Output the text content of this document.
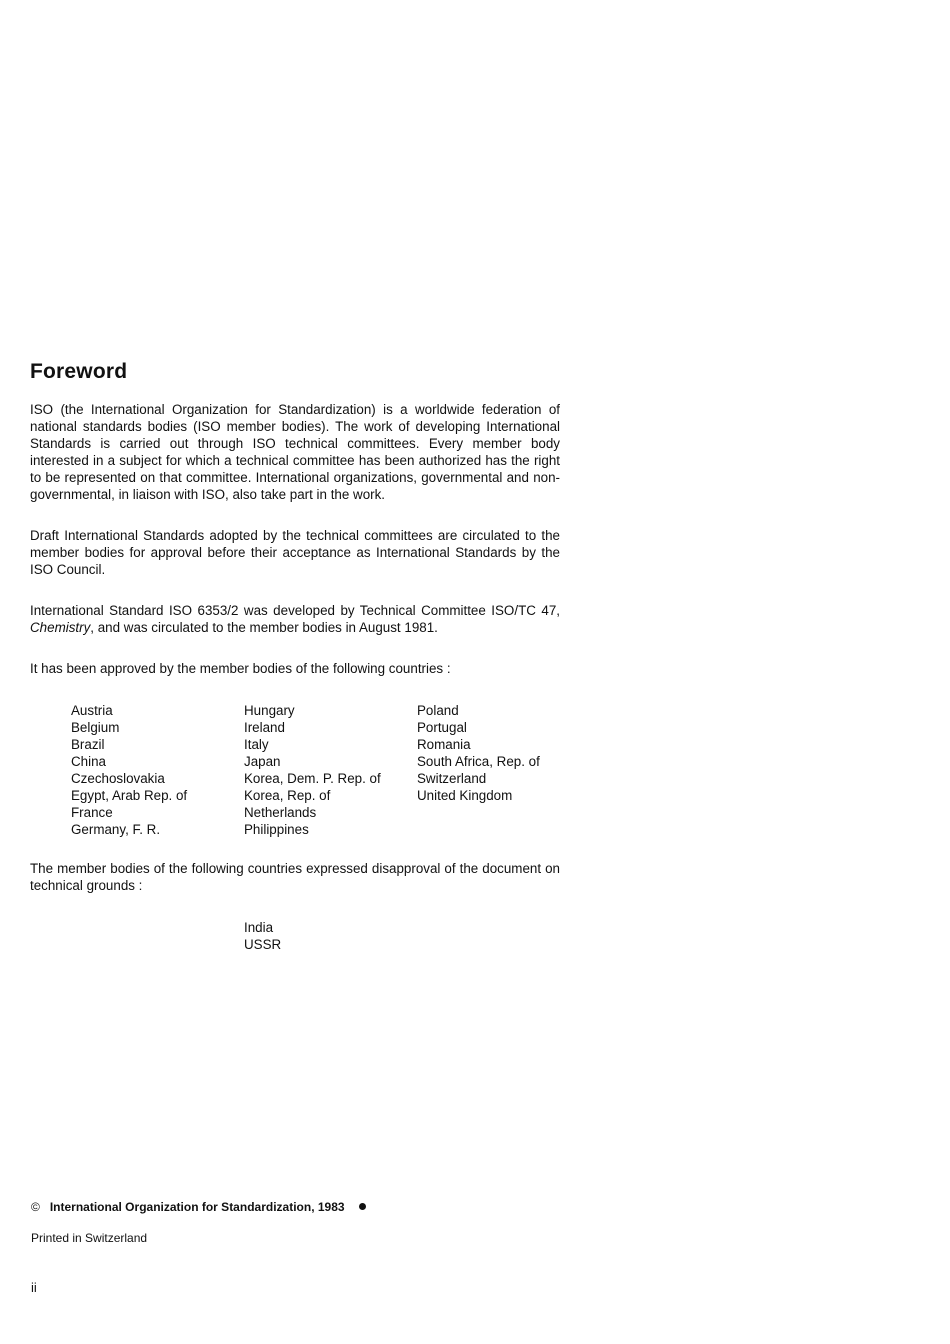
Foreword

ISO (the International Organization for Standardization) is a worldwide federation of national standards bodies (ISO member bodies). The work of developing International Standards is carried out through ISO technical committees. Every member body interested in a subject for which a technical committee has been authorized has the right to be represented on that committee. International organizations, governmental and non-governmental, in liaison with ISO, also take part in the work.

Draft International Standards adopted by the technical committees are circulated to the member bodies for approval before their acceptance as International Standards by the ISO Council.

International Standard ISO 6353/2 was developed by Technical Committee ISO/TC 47, Chemistry, and was circulated to the member bodies in August 1981.

It has been approved by the member bodies of the following countries :

Austria
Belgium
Brazil
China
Czechoslovakia
Egypt, Arab Rep. of
France
Germany, F. R.
Hungary
Ireland
Italy
Japan
Korea, Dem. P. Rep. of
Korea, Rep. of
Netherlands
Philippines
Poland
Portugal
Romania
South Africa, Rep. of
Switzerland
United Kingdom

The member bodies of the following countries expressed disapproval of the document on technical grounds :

India
USSR
© International Organization for Standardization, 1983
Printed in Switzerland
ii
